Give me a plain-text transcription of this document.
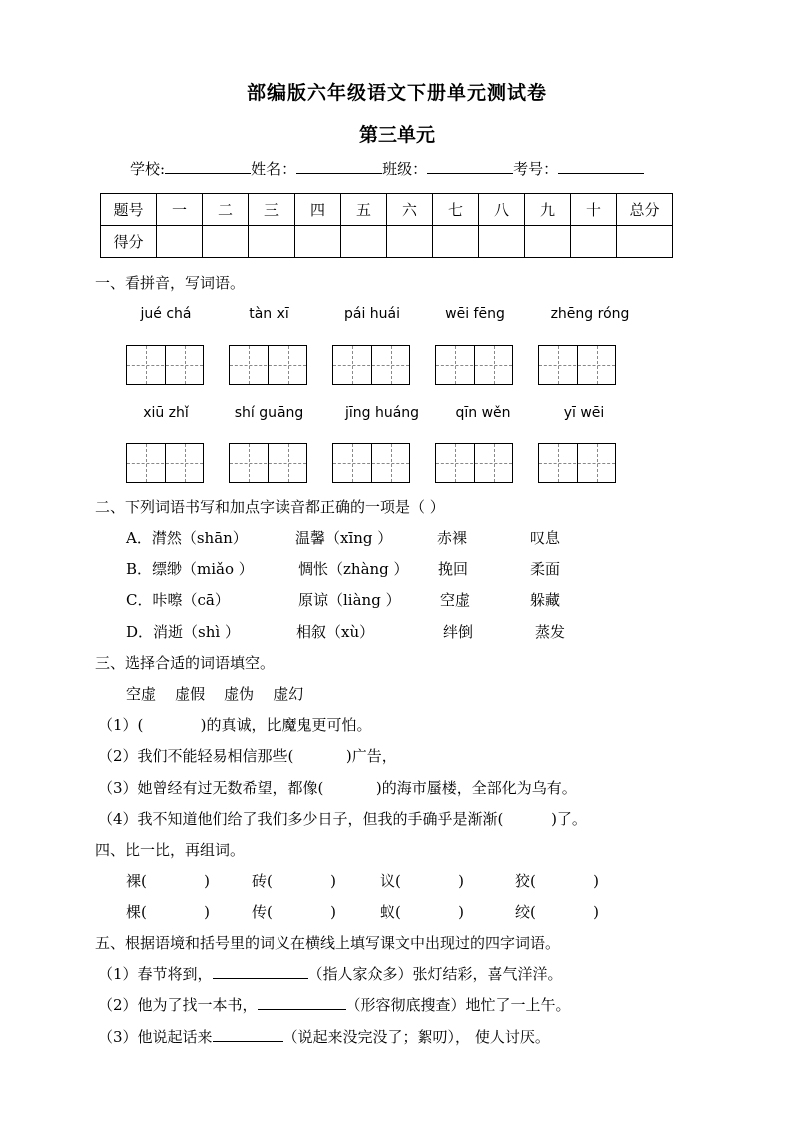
部编版六年级语文下册单元测试卷
第三单元
学校:	姓名：	班级：	考号：
题号	一	二	三	四	五	六	七	八	九	十	总分
得分											
一、看拼音，写词语。
jué chá	tàn xī	pái huái	wēi fēng	zhēng róng
xiū zhǐ	shí guāng	jīng huáng	qīn wěn	yī wēi
二、下列词语书写和加点字读音都正确的一项是（ ）
A．潸然（shān）	温馨（xīng ）	赤裸	叹息
B．缥缈（miǎo ）	惆怅（zhàng ） 挽回	柔面
C．咔嚓（cā）	原谅（liàng ）	空虚	躲藏
D．消逝（shì ）	相叙（xù）	绊倒	蒸发
三、选择合适的词语填空。
空虚    虚假    虚伪    虚幻
（1）(            )的真诚，比魔鬼更可怕。
（2）我们不能轻易相信那些(           )广告，
（3）她曾经有过无数希望，都像(           )的海市蜃楼，全部化为乌有。
（4）我不知道他们给了我们多少日子，但我的手确乎是渐渐(          )了。
四、比一比，再组词。
裸(            )	砖(            )	议(            )	狡(            )
棵(            )	传(            )	蚁(            )	绞(            )
五、根据语境和括号里的词义在横线上填写课文中出现过的四字词语。
（1）春节将到，	（指人家众多）张灯结彩，喜气洋洋。
（2）他为了找一本书，	（形容彻底搜查）地忙了一上午。
（3）他说起话来	（说起来没完没了；絮叨）， 使人讨厌。
